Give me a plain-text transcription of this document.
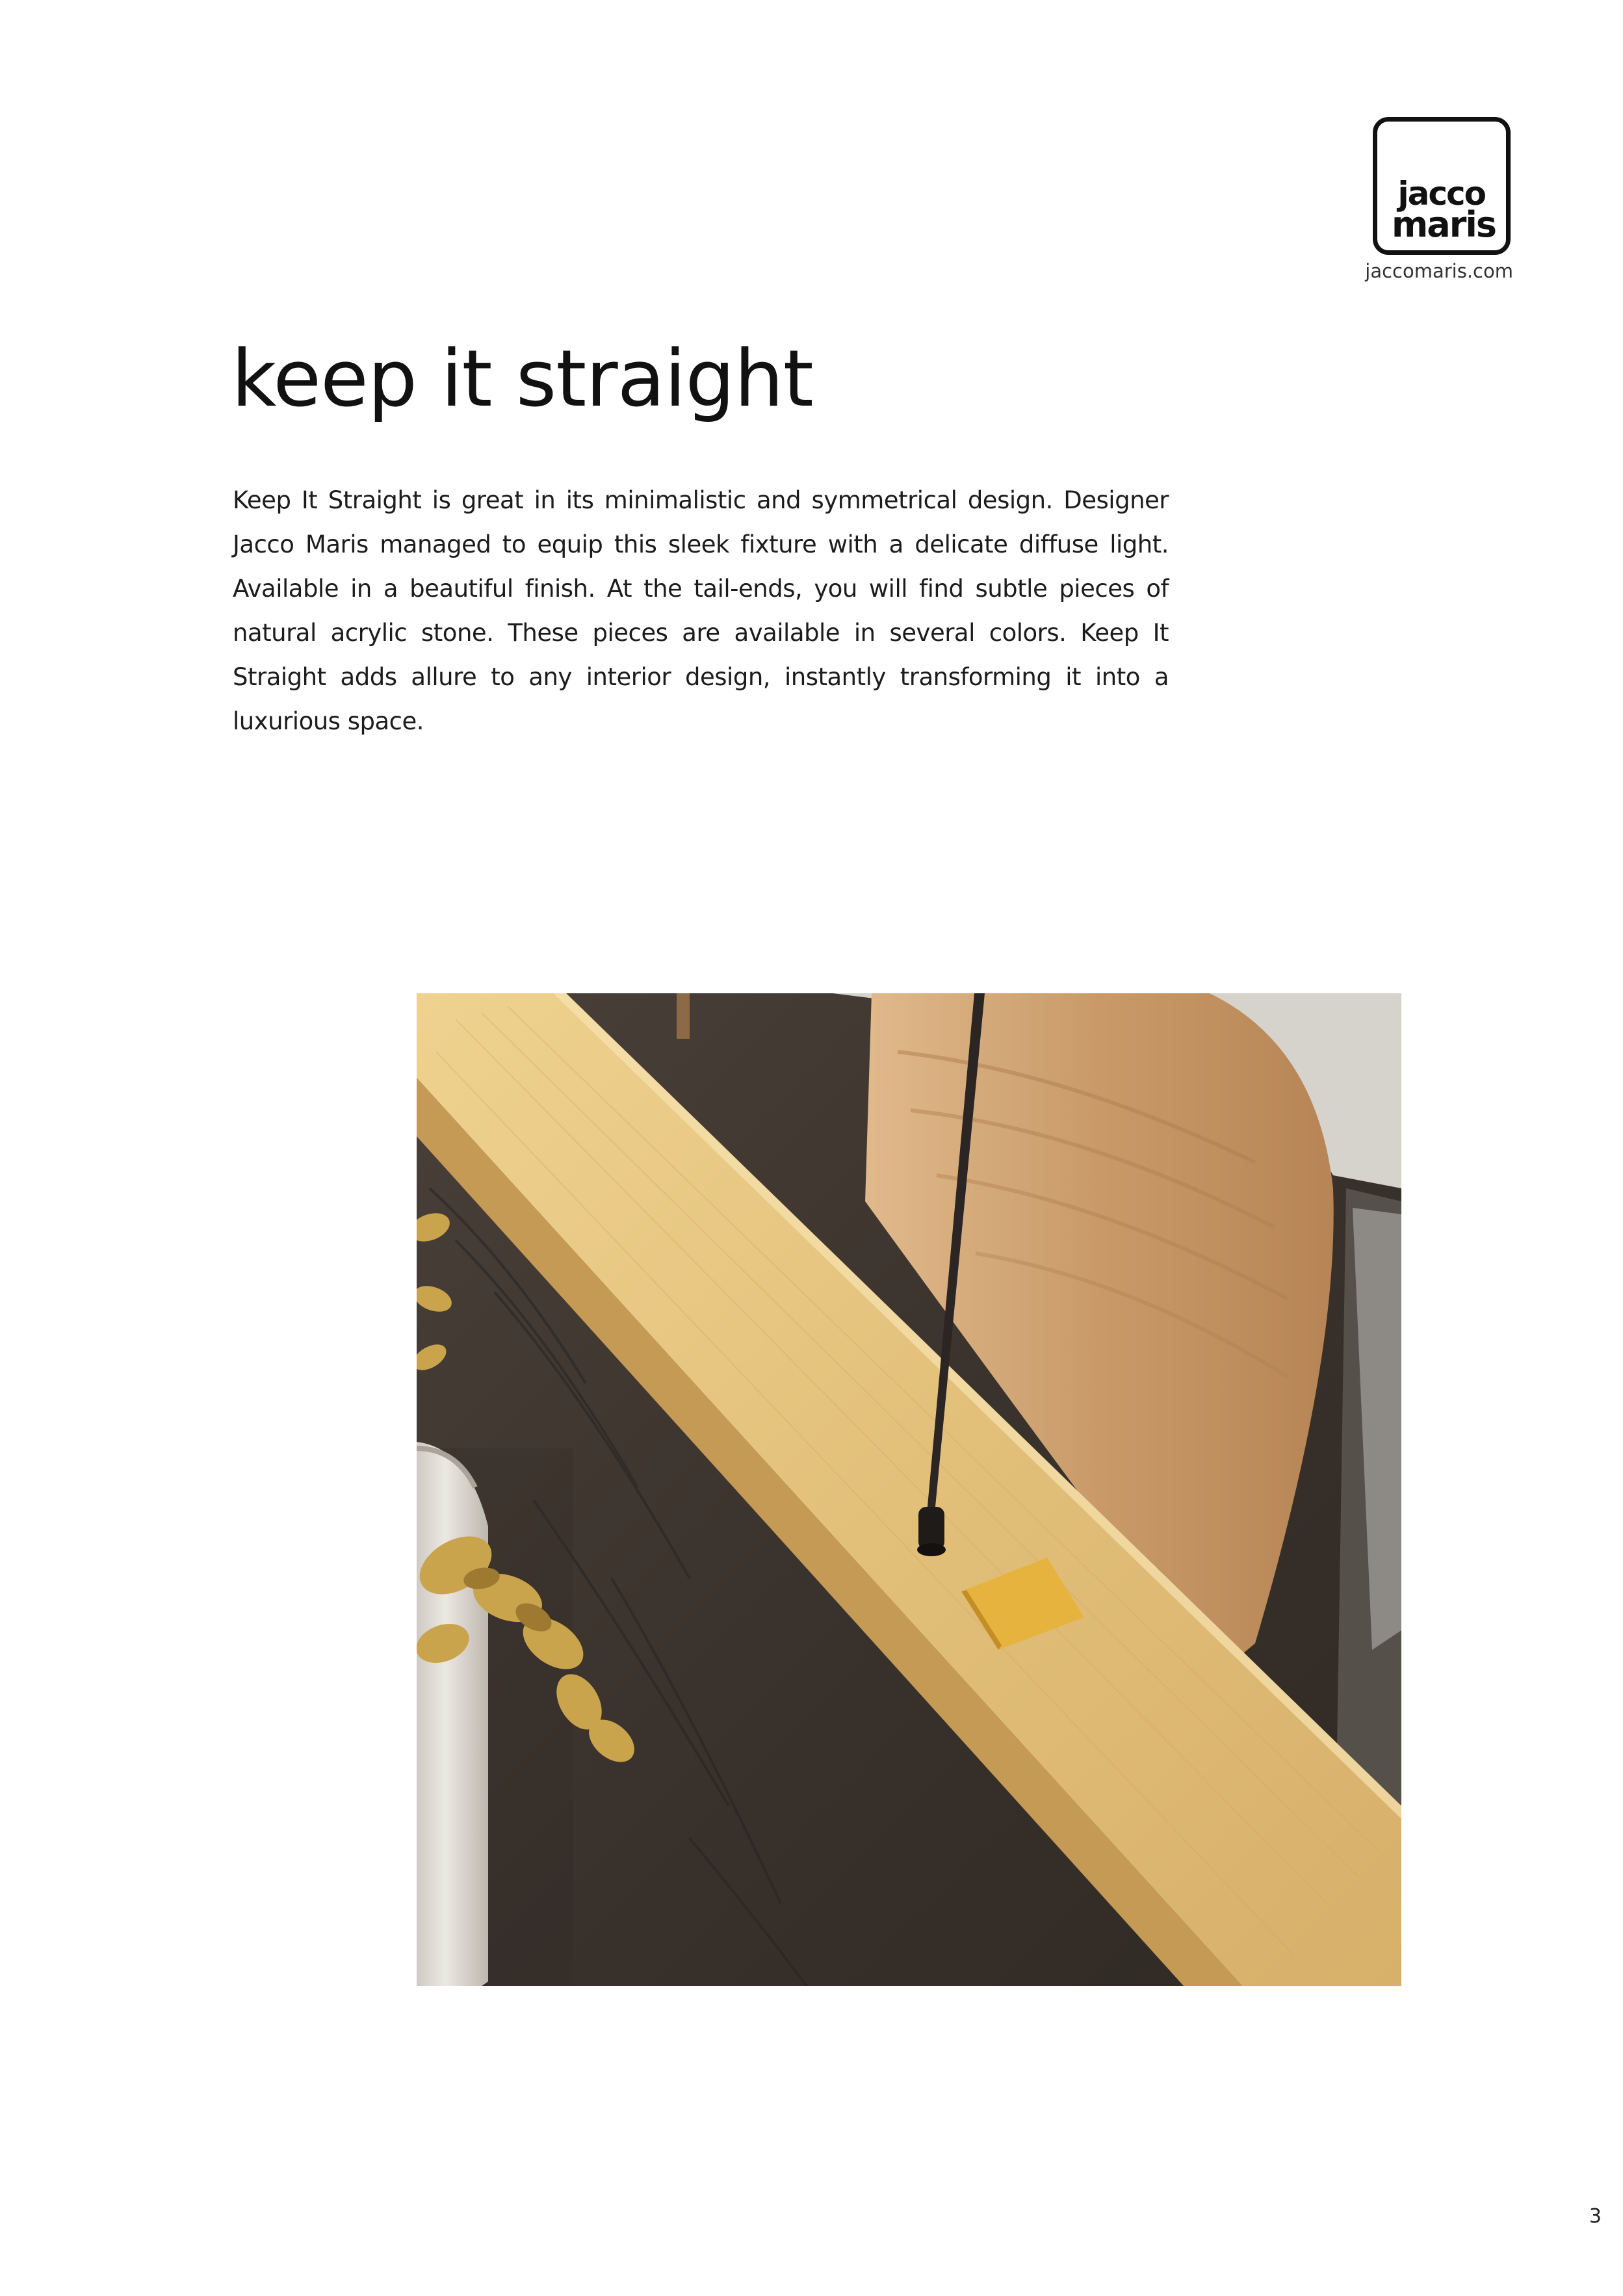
jacco
maris
jaccomaris.com
keep it straight

Keep It Straight is great in its minimalistic and symmetrical design. Designer Jacco Maris managed to equip this sleek fixture with a delicate diffuse light. Available in a beautiful finish. At the tail-ends, you will find subtle pieces of natural acrylic stone. These pieces are available in several colors. Keep It Straight adds allure to any interior design, instantly transforming it into a luxurious space.

3
